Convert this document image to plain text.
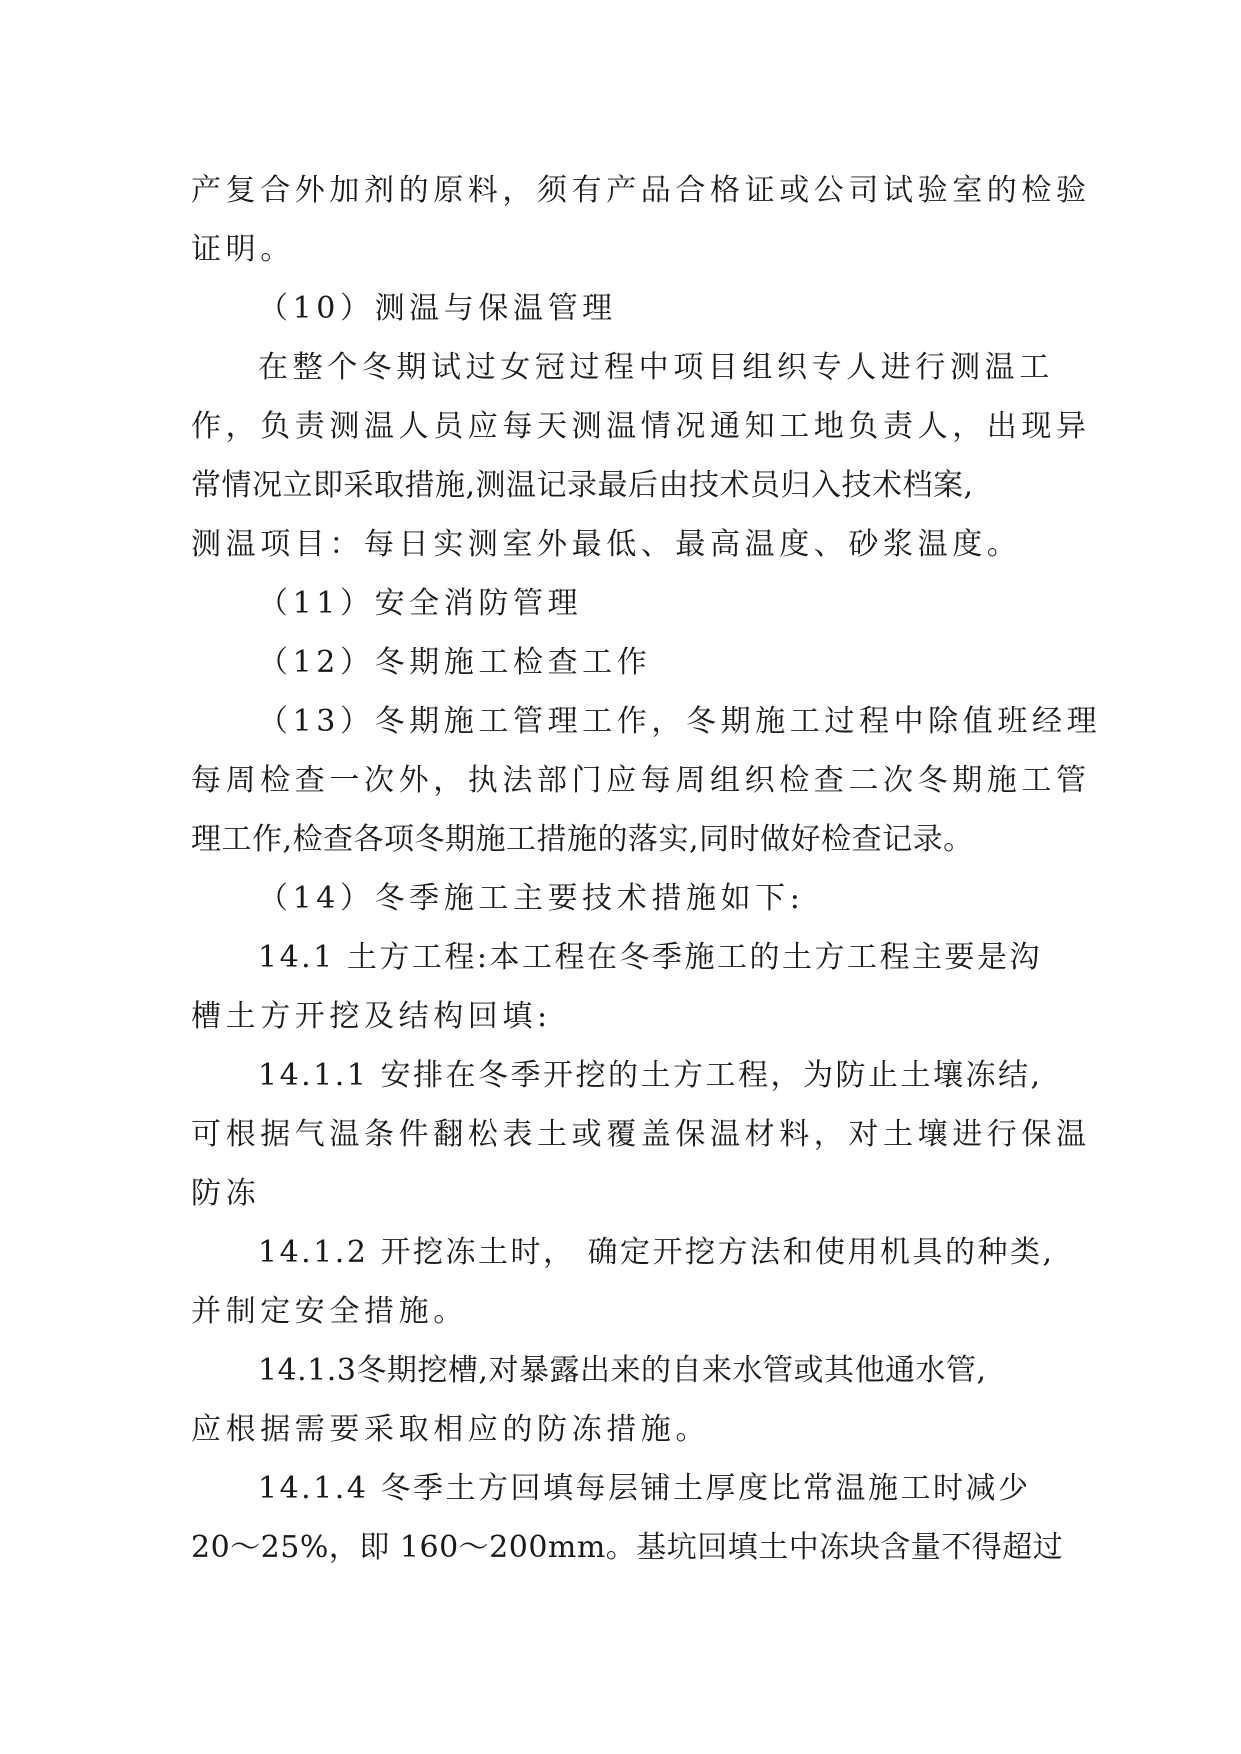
产复合外加剂的原料，须有产品合格证或公司试验室的检验
证明。
（10）测温与保温管理
在整个冬期试过女冠过程中项目组织专人进行测温工
作，负责测温人员应每天测温情况通知工地负责人，出现异
常情况立即采取措施,测温记录最后由技术员归入技术档案,
测温项目：每日实测室外最低、最高温度、砂浆温度。
（11）安全消防管理
（12）冬期施工检查工作
（13）冬期施工管理工作，冬期施工过程中除值班经理
每周检查一次外，执法部门应每周组织检查二次冬期施工管
理工作,检查各项冬期施工措施的落实,同时做好检查记录。
（14）冬季施工主要技术措施如下:
14.1 土方工程:本工程在冬季施工的土方工程主要是沟
槽土方开挖及结构回填:
14.1.1 安排在冬季开挖的土方工程，为防止土壤冻结,
可根据气温条件翻松表土或覆盖保温材料，对土壤进行保温
防冻
14.1.2 开挖冻土时， 确定开挖方法和使用机具的种类,
并制定安全措施。
14.1.3冬期挖槽,对暴露出来的自来水管或其他通水管,
应根据需要采取相应的防冻措施。
14.1.4 冬季土方回填每层铺土厚度比常温施工时减少
20～25%，即 160～200mm。基坑回填土中冻块含量不得超过
